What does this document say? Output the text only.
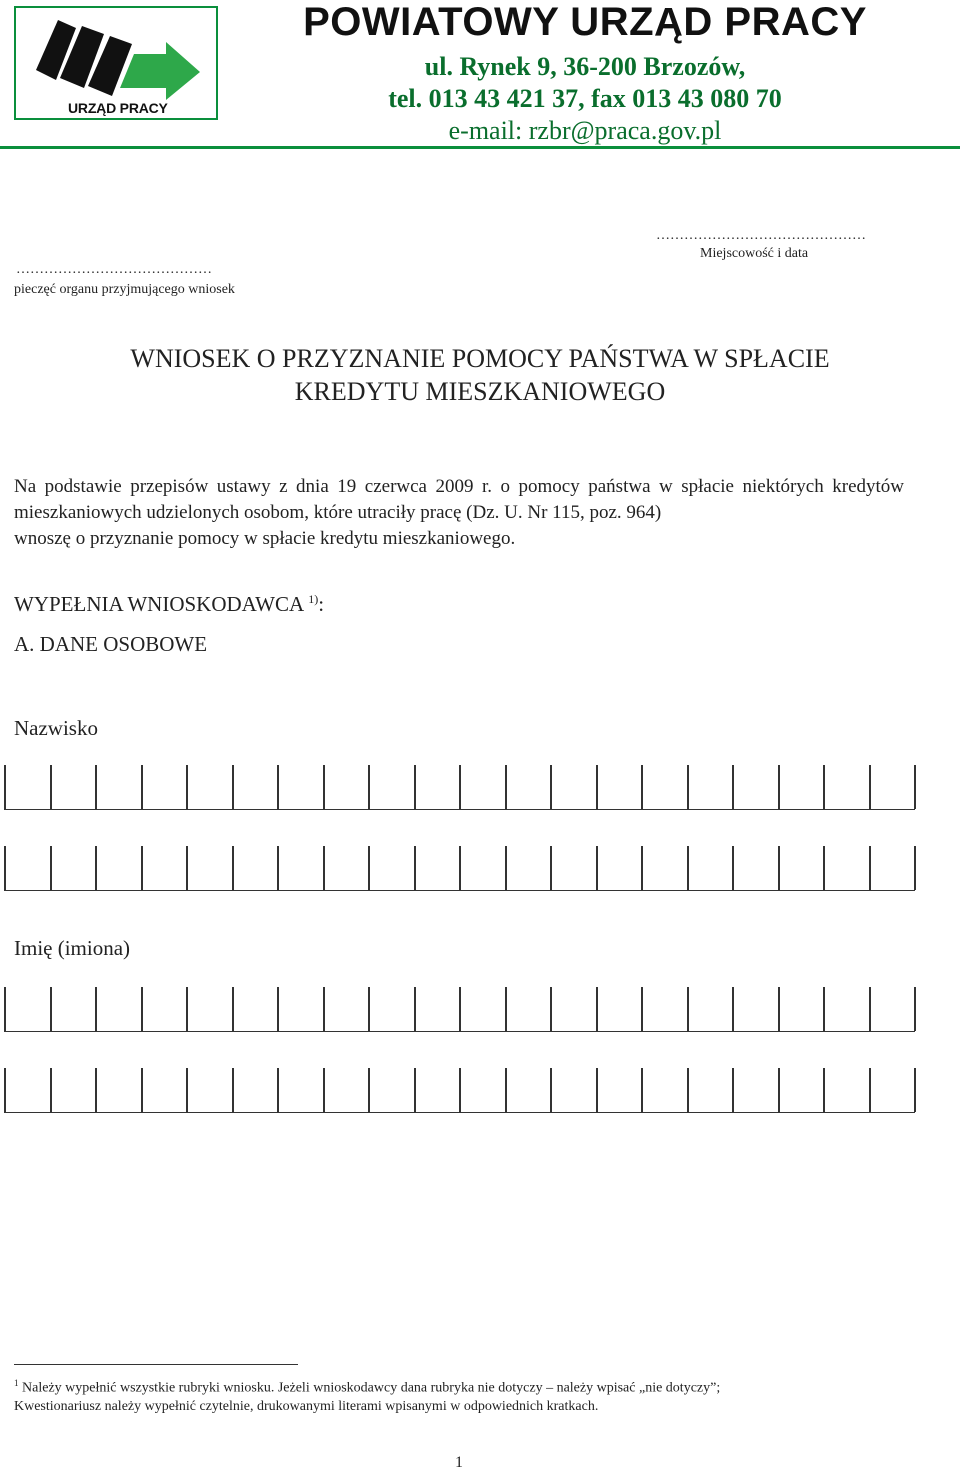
URZĄD PRACY
POWIATOWY URZĄD PRACY
ul. Rynek 9, 36-200 Brzozów,
tel. 013 43 421 37, fax 013 43 080 70
e-mail: rzbr@praca.gov.pl
……………………………………
pieczęć organu przyjmującego wniosek
………………………………………
Miejscowość i data
WNIOSEK O PRZYZNANIE POMOCY PAŃSTWA W SPŁACIE
KREDYTU MIESZKANIOWEGO
Na podstawie przepisów ustawy z dnia 19 czerwca 2009 r. o pomocy państwa w spłacie niektórych kredytów mieszkaniowych udzielonych osobom, które utraciły pracę (Dz. U. Nr 115, poz. 964)
wnoszę o przyznanie pomocy w spłacie kredytu mieszkaniowego.
WYPEŁNIA WNIOSKODAWCA $^{1)}$:
A. DANE OSOBOWE
Nazwisko
Imię (imiona)
$^1$ Należy wypełnić wszystkie rubryki wniosku. Jeżeli wnioskodawcy dana rubryka nie dotyczy – należy wpisać „nie dotyczy”;
Kwestionariusz należy wypełnić czytelnie, drukowanymi literami wpisanymi w odpowiednich kratkach.
1
